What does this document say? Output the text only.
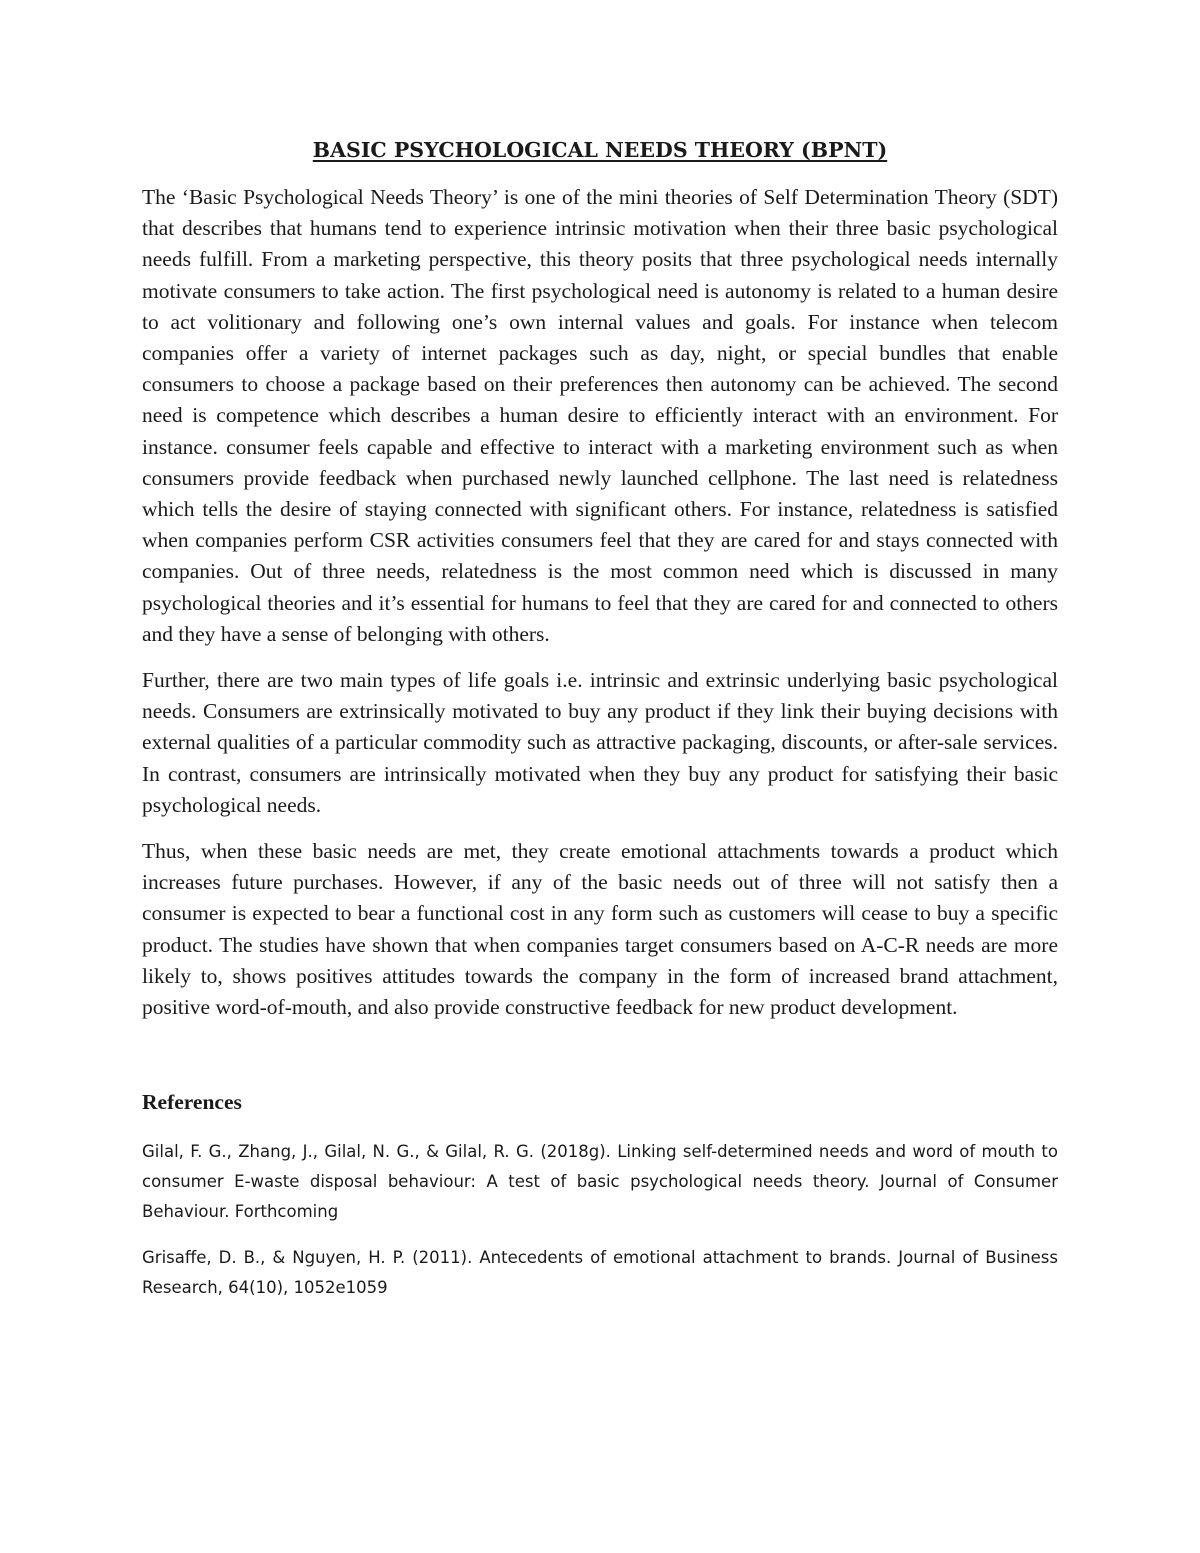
BASIC PSYCHOLOGICAL NEEDS THEORY (BPNT)

The ‘Basic Psychological Needs Theory’ is one of the mini theories of Self Determination Theory (SDT) that describes that humans tend to experience intrinsic motivation when their three basic psychological needs fulfill. From a marketing perspective, this theory posits that three psychological needs internally motivate consumers to take action. The first psychological need is autonomy is related to a human desire to act volitionary and following one’s own internal values and goals. For instance when telecom companies offer a variety of internet packages such as day, night, or special bundles that enable consumers to choose a package based on their preferences then autonomy can be achieved. The second need is competence which describes a human desire to efficiently interact with an environment. For instance. consumer feels capable and effective to interact with a marketing environment such as when consumers provide feedback when purchased newly launched cellphone. The last need is relatedness which tells the desire of staying connected with significant others. For instance, relatedness is satisfied when companies perform CSR activities consumers feel that they are cared for and stays connected with companies. Out of three needs, relatedness is the most common need which is discussed in many psychological theories and it’s essential for humans to feel that they are cared for and connected to others and they have a sense of belonging with others.

Further, there are two main types of life goals i.e. intrinsic and extrinsic underlying basic psychological needs. Consumers are extrinsically motivated to buy any product if they link their buying decisions with external qualities of a particular commodity such as attractive packaging, discounts, or after-sale services. In contrast, consumers are intrinsically motivated when they buy any product for satisfying their basic psychological needs.

Thus, when these basic needs are met, they create emotional attachments towards a product which increases future purchases. However, if any of the basic needs out of three will not satisfy then a consumer is expected to bear a functional cost in any form such as customers will cease to buy a specific product. The studies have shown that when companies target consumers based on A-C-R needs are more likely to, shows positives attitudes towards the company in the form of increased brand attachment, positive word-of-mouth, and also provide constructive feedback for new product development.

References

Gilal, F. G., Zhang, J., Gilal, N. G., & Gilal, R. G. (2018g). Linking self-determined needs and word of mouth to consumer E-waste disposal behaviour: A test of basic psychological needs theory. Journal of Consumer Behaviour. Forthcoming

Grisaffe, D. B., & Nguyen, H. P. (2011). Antecedents of emotional attachment to brands. Journal of Business Research, 64(10), 1052e1059
